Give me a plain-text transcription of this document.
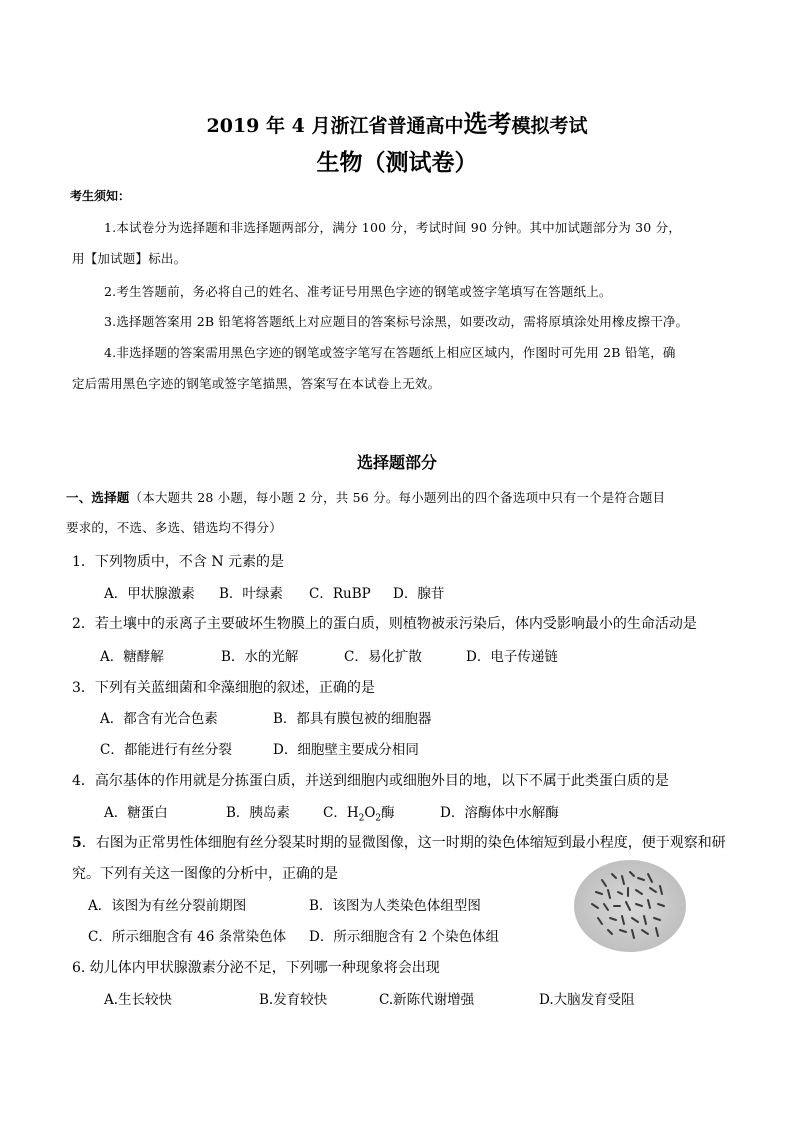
2019 年 4 月浙江省普通高中选考模拟考试
生物（测试卷）
考生须知：
1.本试卷分为选择题和非选择题两部分，满分 100 分，考试时间 90 分钟。其中加试题部分为 30 分，
用【加试题】标出。
2.考生答题前，务必将自己的姓名、准考证号用黑色字迹的钢笔或签字笔填写在答题纸上。
3.选择题答案用 2B 铅笔将答题纸上对应题目的答案标号涂黑，如要改动，需将原填涂处用橡皮擦干净。
4.非选择题的答案需用黑色字迹的钢笔或签字笔写在答题纸上相应区域内，作图时可先用 2B 铅笔，确
定后需用黑色字迹的钢笔或签字笔描黑，答案写在本试卷上无效。
选择题部分
一、选择题（本大题共 28 小题，每小题 2 分，共 56 分。每小题列出的四个备选项中只有一个是符合题目
要求的，不选、多选、错选均不得分）
1．下列物质中，不含 N 元素的是
A．甲状腺激素 B．叶绿素 C．RuBP D．腺苷
2．若土壤中的汞离子主要破坏生物膜上的蛋白质，则植物被汞污染后，体内受影响最小的生命活动是
A．糖酵解	B．水的光解	C．易化扩散	D．电子传递链
3．下列有关蓝细菌和伞藻细胞的叙述，正确的是
A．都含有光合色素	B．都具有膜包被的细胞器
C．都能进行有丝分裂	D．细胞壁主要成分相同
4．高尔基体的作用就是分拣蛋白质，并送到细胞内或细胞外目的地，以下不属于此类蛋白质的是
A．糖蛋白	B．胰岛素 C．$H_2O_2$酶	D．溶酶体中水解酶
5．右图为正常男性体细胞有丝分裂某时期的显微图像，这一时期的染色体缩短到最小程度，便于观察和研
究。下列有关这一图像的分析中，正确的是
A．该图为有丝分裂前期图	B．该图为人类染色体组型图
C．所示细胞含有 46 条常染色体 D．所示细胞含有 2 个染色体组
6. 幼儿体内甲状腺激素分泌不足，下列哪一种现象将会出现
A.生长较快	B.发育较快	C.新陈代谢增强	D.大脑发育受阻
